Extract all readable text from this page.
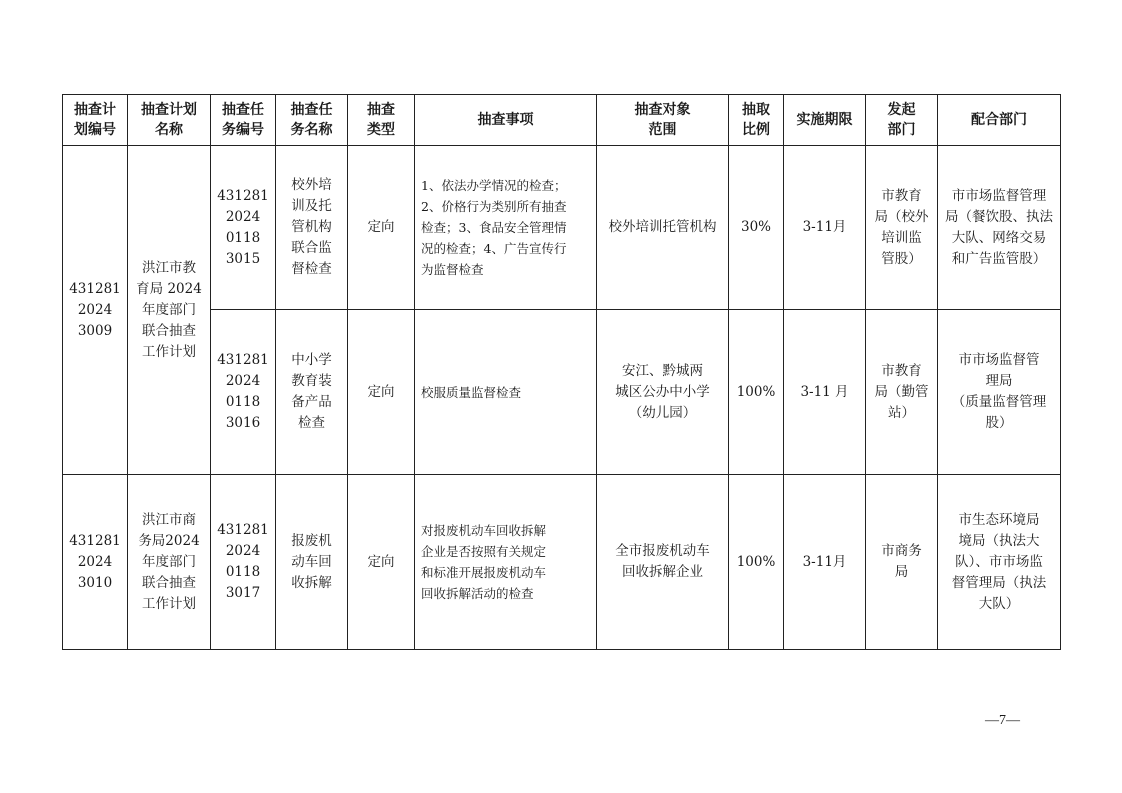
抽查计
划编号	抽查计划
名称	抽查任
务编号	抽查任
务名称	抽查
类型	抽查事项	抽查对象
范围	抽取
比例	实施期限	发起
部门	配合部门
431281
2024
3009	洪江市教
育局 2024
年度部门
联合抽查
工作计划	431281
2024
0118
3015	校外培
训及托
管机构
联合监
督检查	定向	1、依法办学情况的检查；
2、价格行为类别所有抽查
检查；3、食品安全管理情
况的检查；4、广告宣传行
为监督检查	校外培训托管机构	30%	3-11月	市教育
局（校外
培训监
管股）	市市场监督管理
局（餐饮股、执法
大队、网络交易
和广告监管股）
		431281
2024
0118
3016	中小学
教育装
备产品
检查	定向	校服质量监督检查	安江、黔城两
城区公办中小学
（幼儿园）	100%	3-11 月	市教育
局（勤管
站）	市市场监督管
理局
（质量监督管理
股）
431281
2024
3010	洪江市商
务局2024
年度部门
联合抽查
工作计划	431281
2024
0118
3017	报废机
动车回
收拆解	定向	对报废机动车回收拆解
企业是否按照有关规定
和标准开展报废机动车
回收拆解活动的检查	全市报废机动车
回收拆解企业	100%	3-11月	市商务
局	市生态环境局
境局（执法大
队）、市市场监
督管理局（执法
大队）
—7—
